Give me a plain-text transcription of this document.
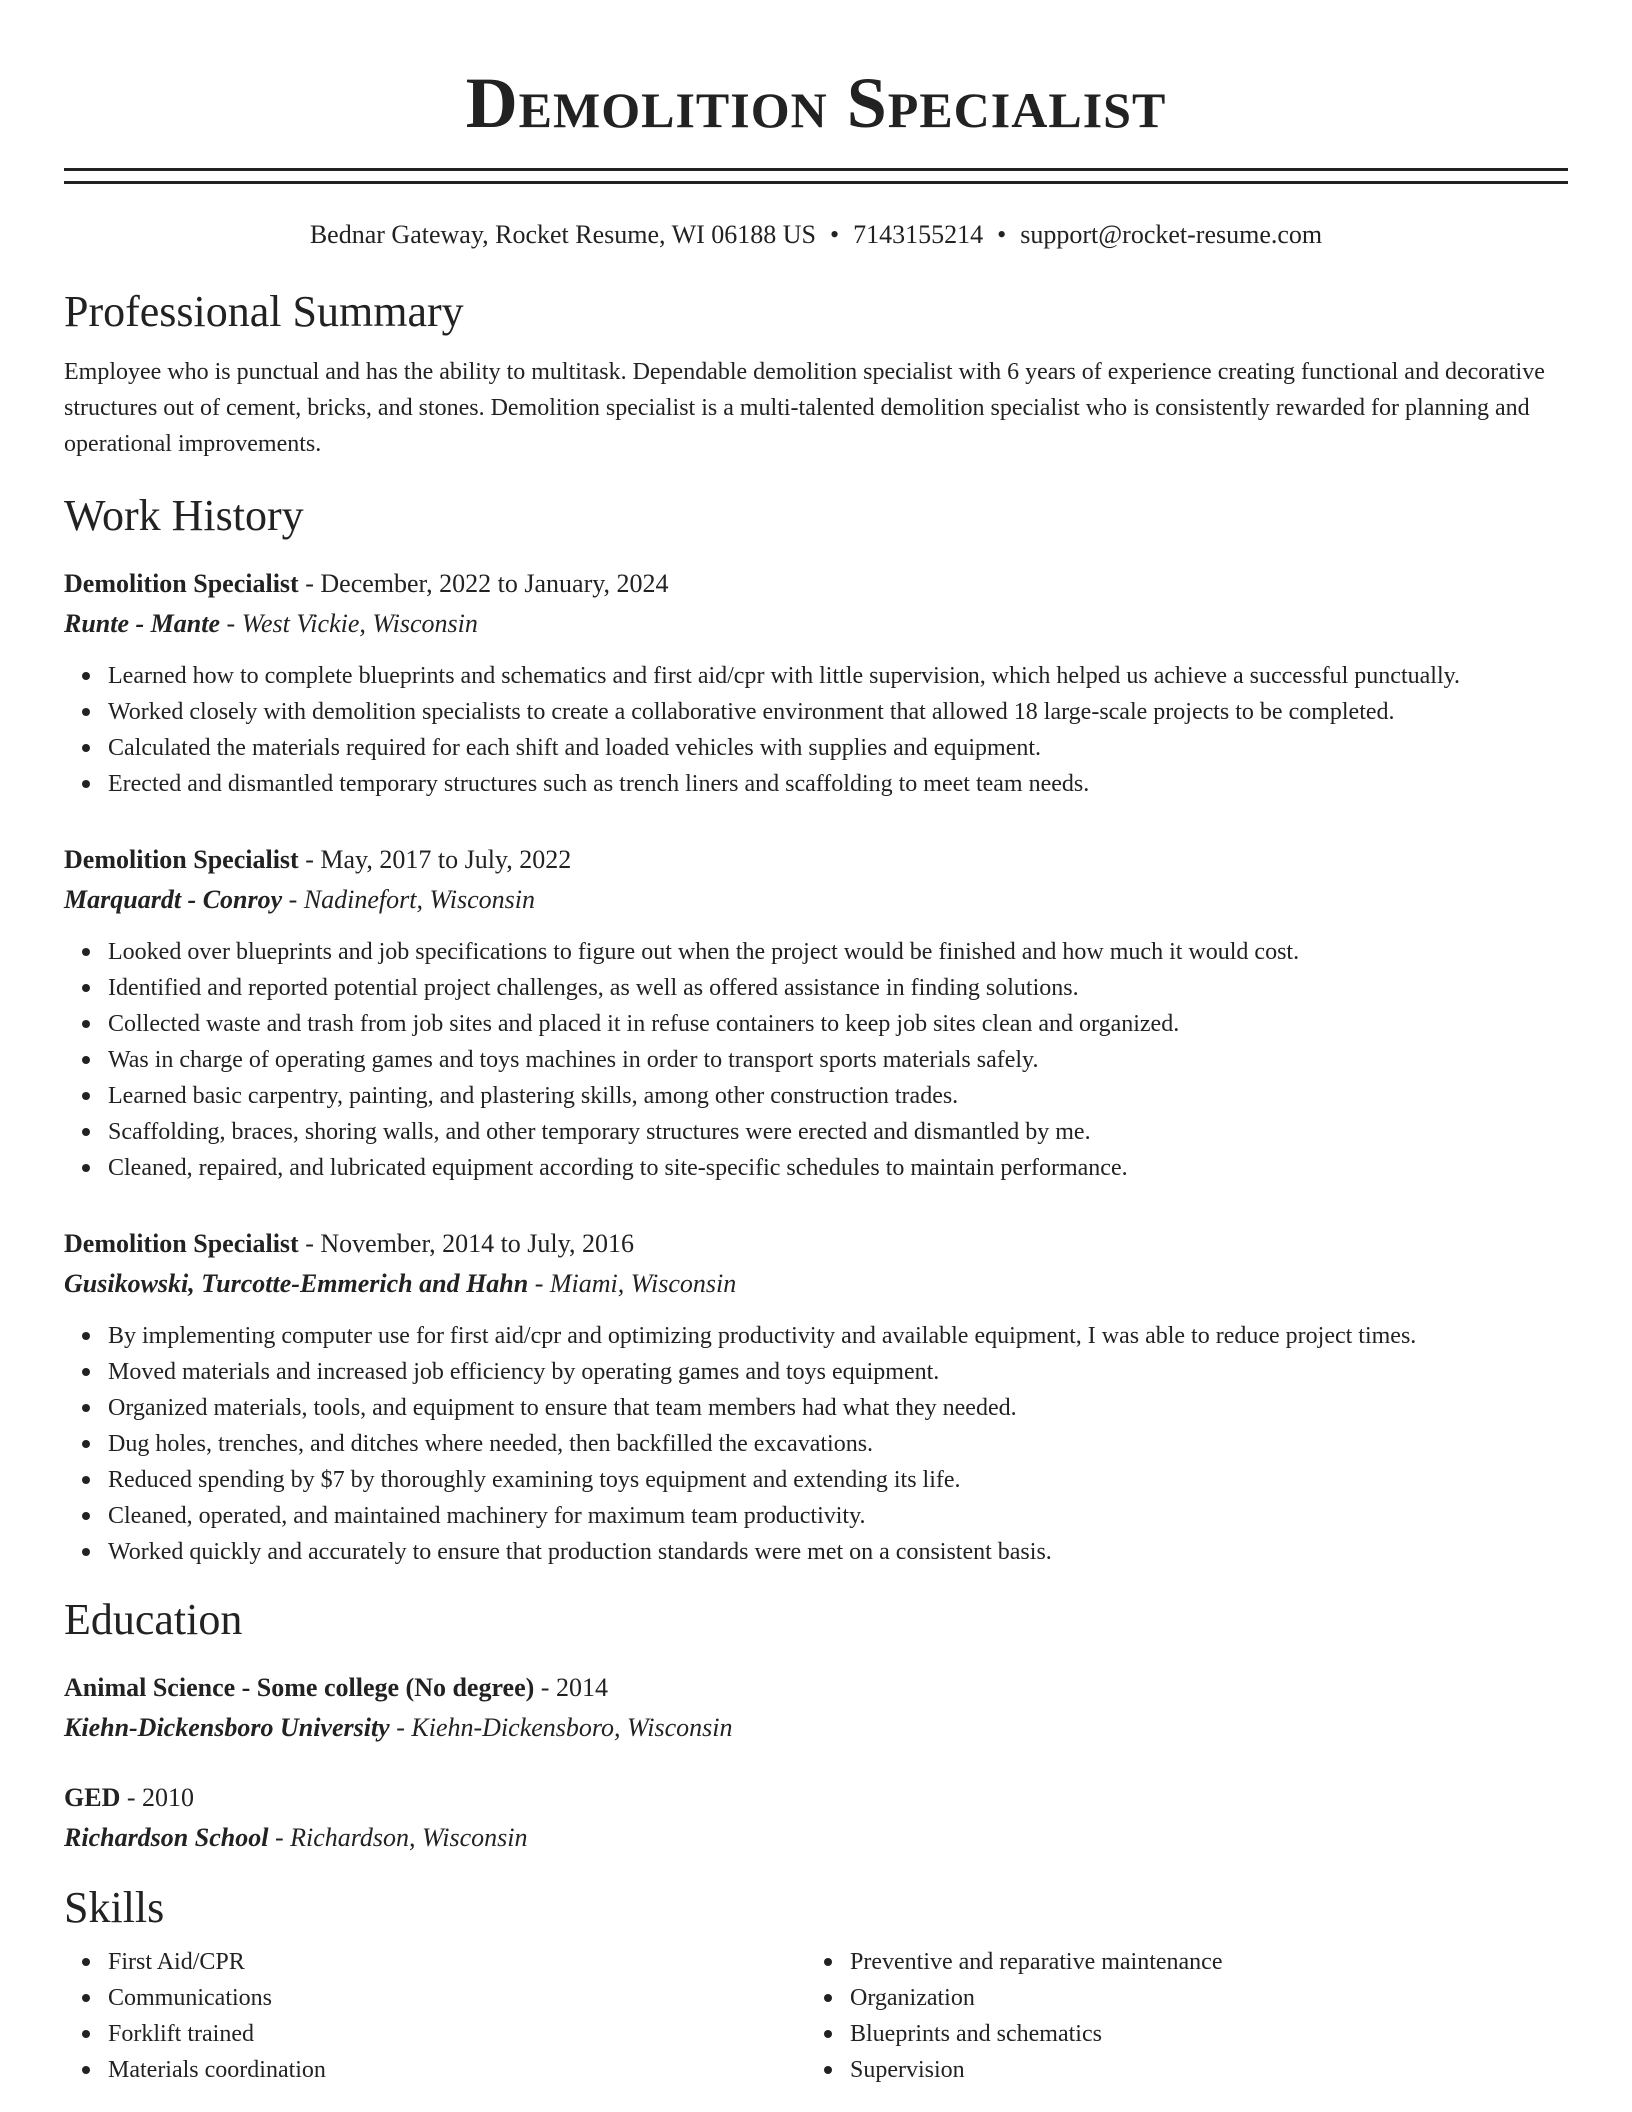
Demolition Specialist
Bednar Gateway, Rocket Resume, WI 06188 US • 7143155214 • support@rocket-resume.com
Professional Summary

Employee who is punctual and has the ability to multitask. Dependable demolition specialist with 6 years of experience creating functional and decorative structures out of cement, bricks, and stones. Demolition specialist is a multi-talented demolition specialist who is consistently rewarded for planning and operational improvements.

Work History
Demolition Specialist - December, 2022 to January, 2024
Runte - Mante - West Vickie, Wisconsin
Learned how to complete blueprints and schematics and first aid/cpr with little supervision, which helped us achieve a successful punctually.
Worked closely with demolition specialists to create a collaborative environment that allowed 18 large-scale projects to be completed.
Calculated the materials required for each shift and loaded vehicles with supplies and equipment.
Erected and dismantled temporary structures such as trench liners and scaffolding to meet team needs.
Demolition Specialist - May, 2017 to July, 2022
Marquardt - Conroy - Nadinefort, Wisconsin
Looked over blueprints and job specifications to figure out when the project would be finished and how much it would cost.
Identified and reported potential project challenges, as well as offered assistance in finding solutions.
Collected waste and trash from job sites and placed it in refuse containers to keep job sites clean and organized.
Was in charge of operating games and toys machines in order to transport sports materials safely.
Learned basic carpentry, painting, and plastering skills, among other construction trades.
Scaffolding, braces, shoring walls, and other temporary structures were erected and dismantled by me.
Cleaned, repaired, and lubricated equipment according to site-specific schedules to maintain performance.
Demolition Specialist - November, 2014 to July, 2016
Gusikowski, Turcotte-Emmerich and Hahn - Miami, Wisconsin
By implementing computer use for first aid/cpr and optimizing productivity and available equipment, I was able to reduce project times.
Moved materials and increased job efficiency by operating games and toys equipment.
Organized materials, tools, and equipment to ensure that team members had what they needed.
Dug holes, trenches, and ditches where needed, then backfilled the excavations.
Reduced spending by $7 by thoroughly examining toys equipment and extending its life.
Cleaned, operated, and maintained machinery for maximum team productivity.
Worked quickly and accurately to ensure that production standards were met on a consistent basis.
Education
Animal Science - Some college (No degree) - 2014
Kiehn-Dickensboro University - Kiehn-Dickensboro, Wisconsin
GED - 2010
Richardson School - Richardson, Wisconsin
Skills
First Aid/CPR
Communications
Forklift trained
Materials coordination
Preventive and reparative maintenance
Organization
Blueprints and schematics
Supervision
